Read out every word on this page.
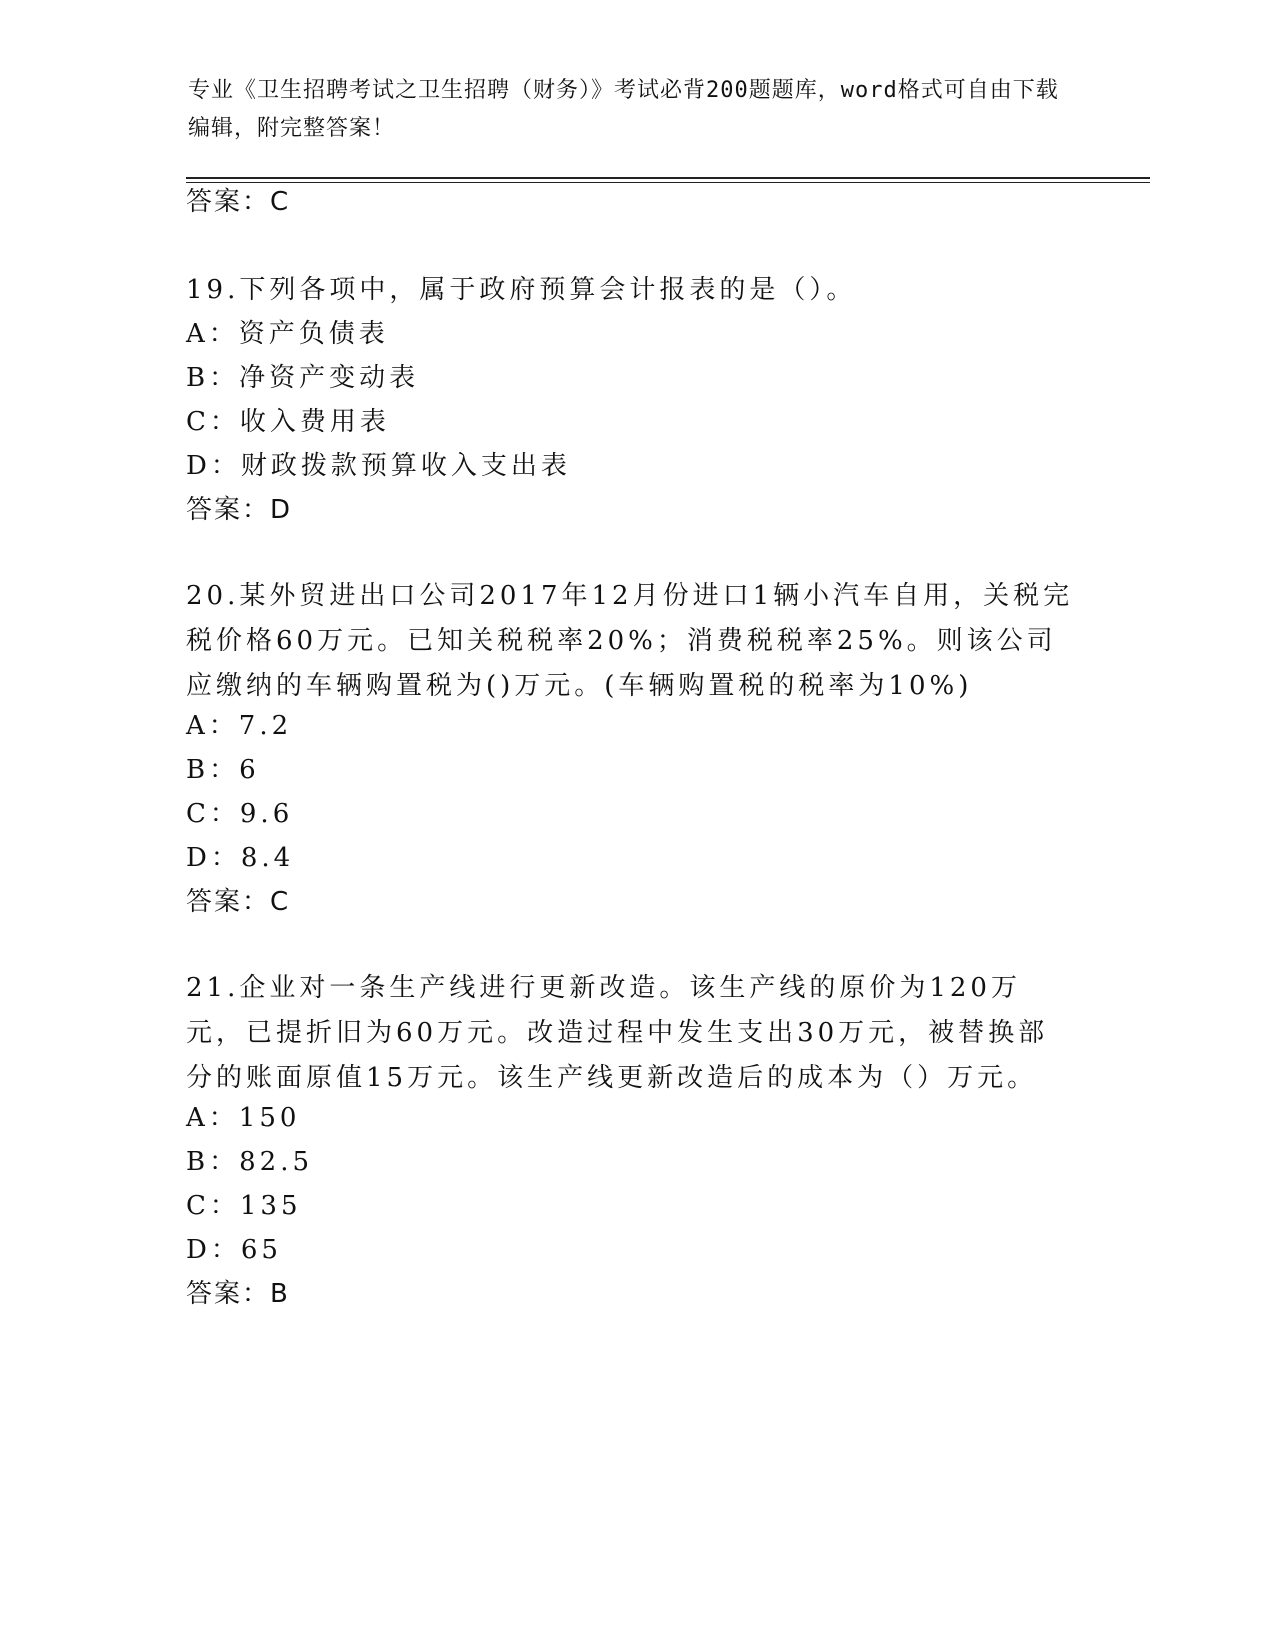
专业《卫生招聘考试之卫生招聘（财务）》考试必背200题题库，word格式可自由下载编辑，附完整答案！
答案：C
19.下列各项中，属于政府预算会计报表的是（）。
A：资产负债表
B：净资产变动表
C：收入费用表
D：财政拨款预算收入支出表
答案：D
20.某外贸进出口公司2017年12月份进口1辆小汽车自用，关税完税价格60万元。已知关税税率20%；消费税税率25%。则该公司应缴纳的车辆购置税为()万元。(车辆购置税的税率为10%)
A：7.2
B：6
C：9.6
D：8.4
答案：C
21.企业对一条生产线进行更新改造。该生产线的原价为120万元，已提折旧为60万元。改造过程中发生支出30万元，被替换部分的账面原值15万元。该生产线更新改造后的成本为（）万元。
A：150
B：82.5
C：135
D：65
答案：B
